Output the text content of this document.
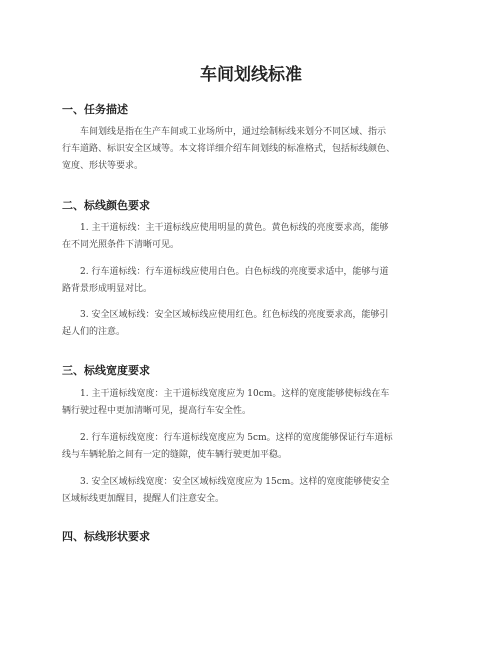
车间划线标准
一、任务描述

车间划线是指在生产车间或工业场所中，通过绘制标线来划分不同区域、指示
行车道路、标识安全区域等。本文将详细介绍车间划线的标准格式，包括标线颜色、
宽度、形状等要求。

二、标线颜色要求

1. 主干道标线：主干道标线应使用明显的黄色。黄色标线的亮度要求高，能够
在不同光照条件下清晰可见。

2. 行车道标线：行车道标线应使用白色。白色标线的亮度要求适中，能够与道
路背景形成明显对比。

3. 安全区域标线：安全区域标线应使用红色。红色标线的亮度要求高，能够引
起人们的注意。

三、标线宽度要求

1. 主干道标线宽度：主干道标线宽度应为 10cm。这样的宽度能够使标线在车
辆行驶过程中更加清晰可见，提高行车安全性。

2. 行车道标线宽度：行车道标线宽度应为 5cm。这样的宽度能够保证行车道标
线与车辆轮胎之间有一定的缝隙，使车辆行驶更加平稳。

3. 安全区域标线宽度：安全区域标线宽度应为 15cm。这样的宽度能够使安全
区域标线更加醒目，提醒人们注意安全。

四、标线形状要求
